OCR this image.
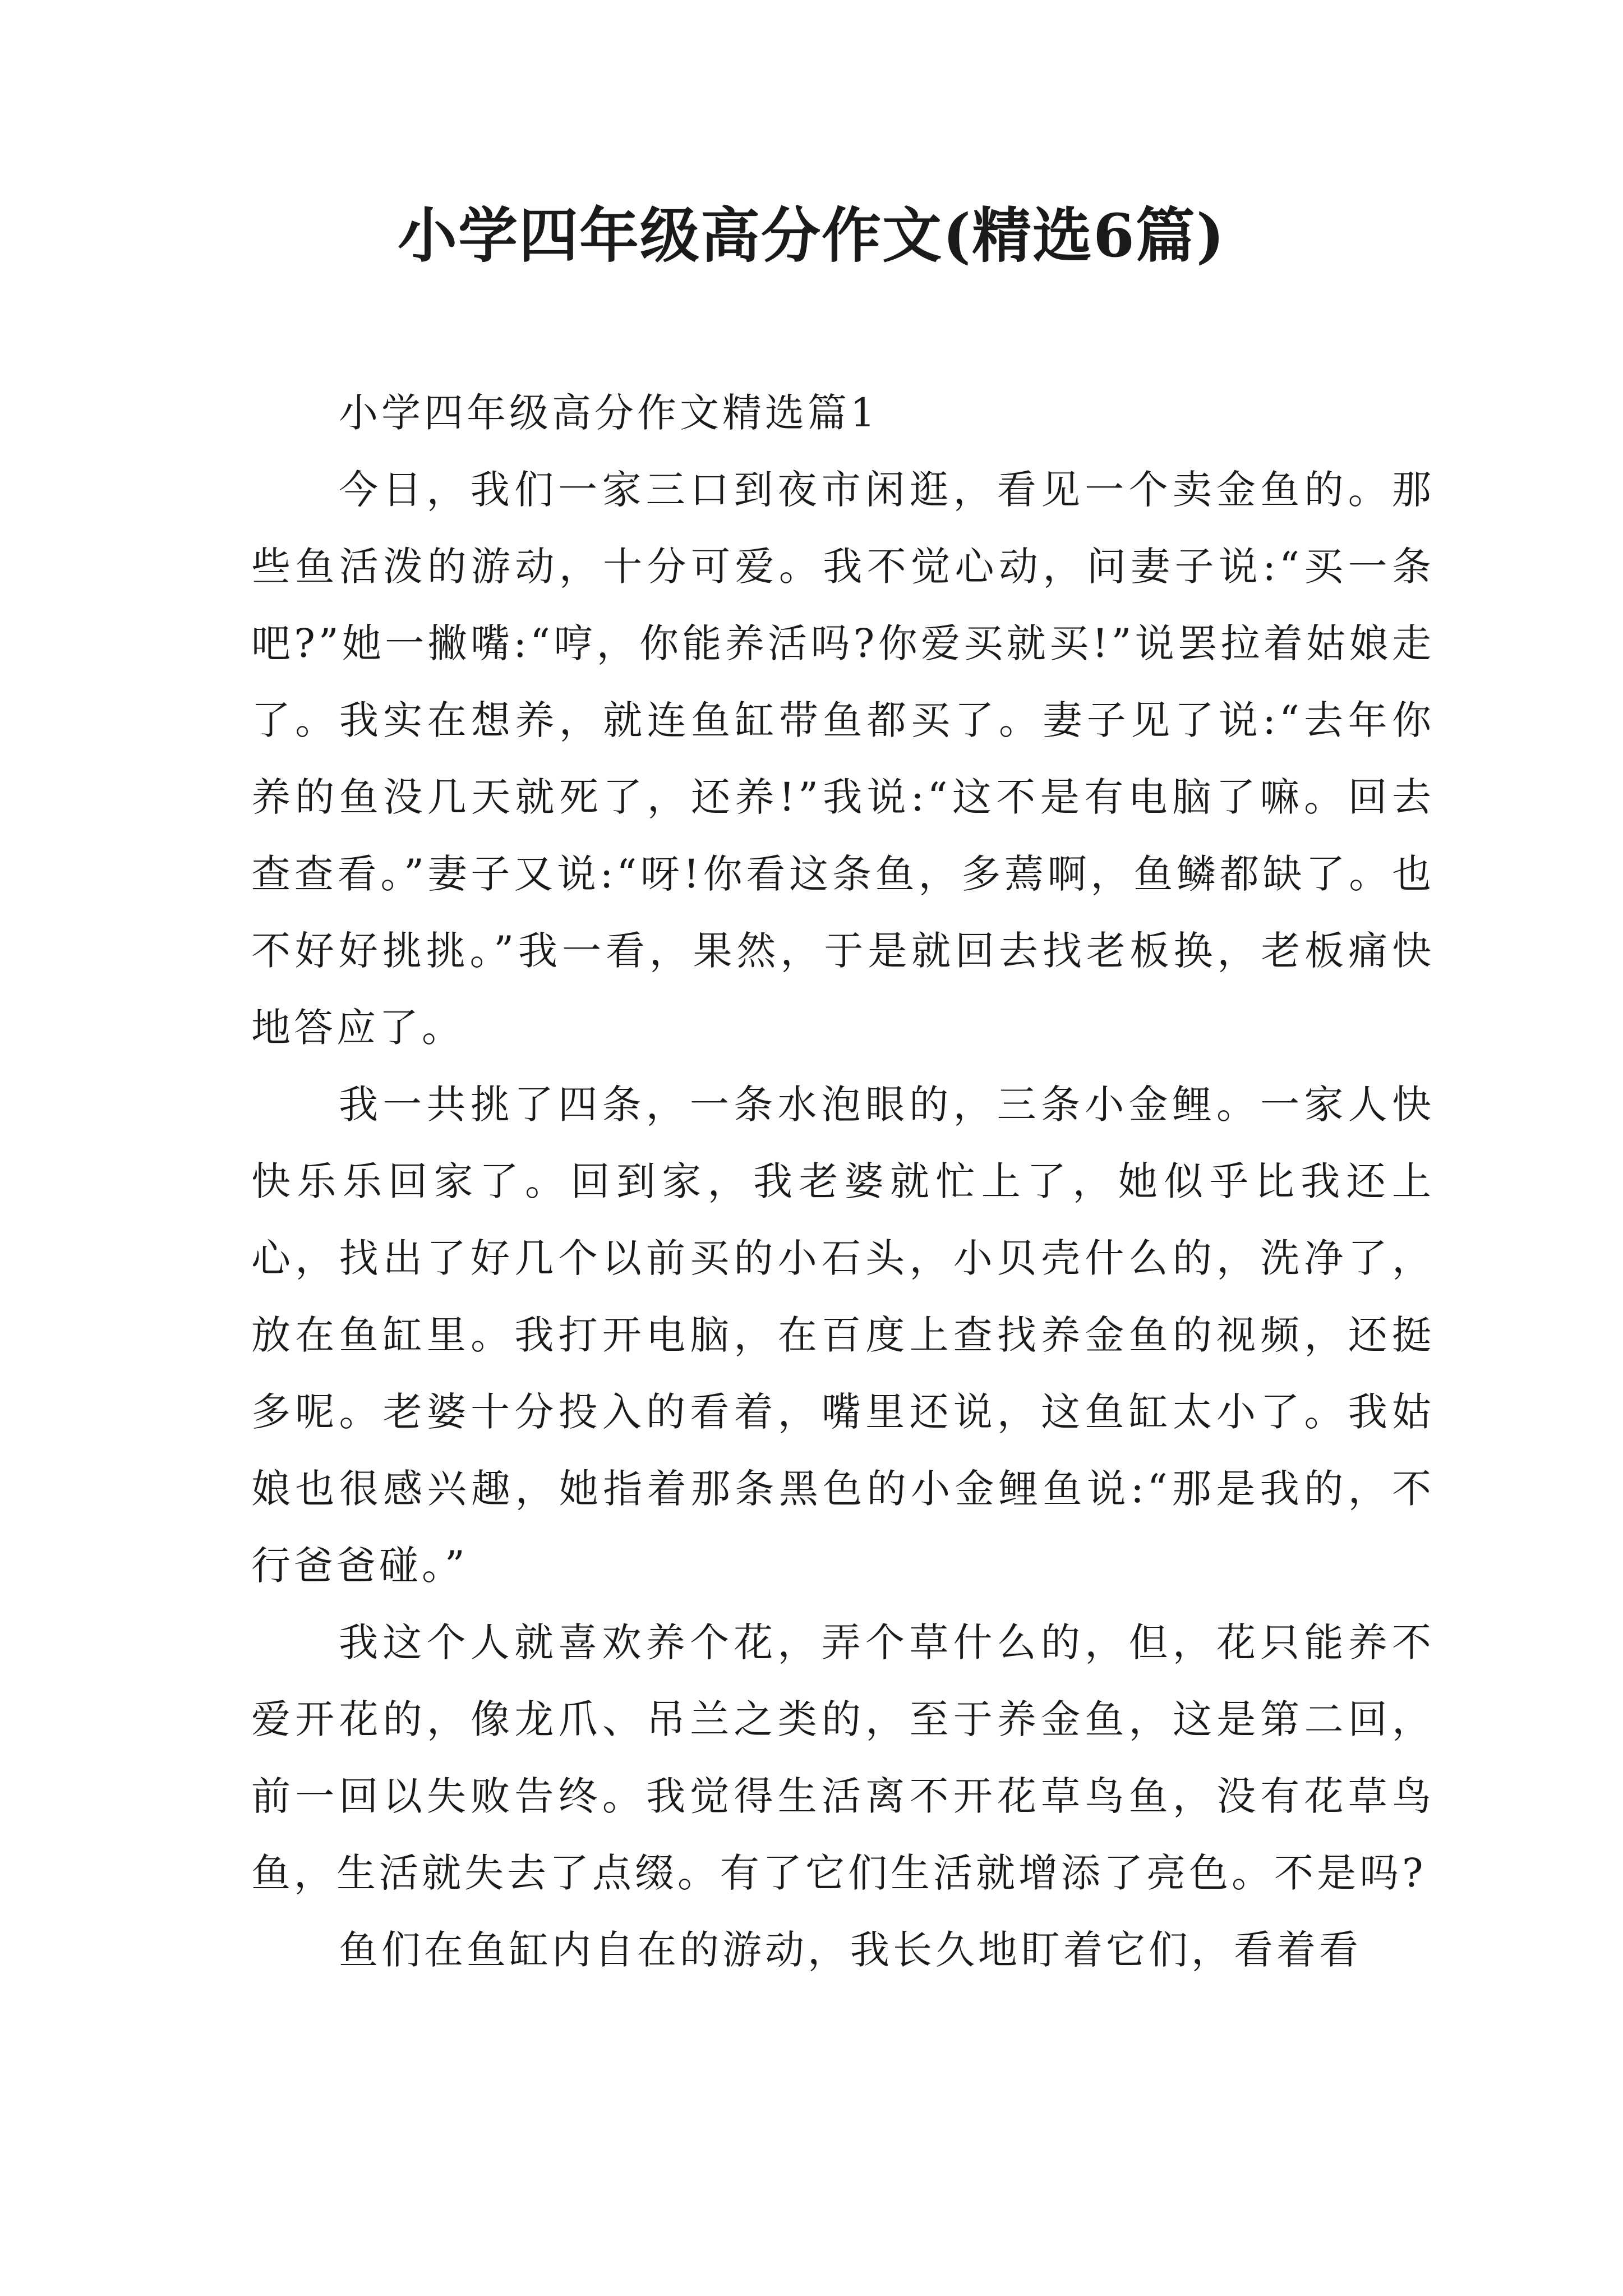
小学四年级高分作文(精选6篇)

小学四年级高分作文精选篇1

今日，我们一家三口到夜市闲逛，看见一个卖金鱼的。那些鱼活泼的游动，十分可爱。我不觉心动，问妻子说:“买一条吧?”她一撇嘴:“哼，你能养活吗?你爱买就买!”说罢拉着姑娘走了。我实在想养，就连鱼缸带鱼都买了。妻子见了说:“去年你养的鱼没几天就死了，还养!”我说:“这不是有电脑了嘛。回去查查看。”妻子又说:“呀!你看这条鱼，多蔫啊，鱼鳞都缺了。也不好好挑挑。”我一看，果然，于是就回去找老板换，老板痛快地答应了。

我一共挑了四条，一条水泡眼的，三条小金鲤。一家人快快乐乐回家了。回到家，我老婆就忙上了，她似乎比我还上心，找出了好几个以前买的小石头，小贝壳什么的，洗净了，放在鱼缸里。我打开电脑，在百度上查找养金鱼的视频，还挺多呢。老婆十分投入的看着，嘴里还说，这鱼缸太小了。我姑娘也很感兴趣，她指着那条黑色的小金鲤鱼说:“那是我的，不行爸爸碰。”

我这个人就喜欢养个花，弄个草什么的，但，花只能养不爱开花的，像龙爪、吊兰之类的，至于养金鱼，这是第二回，前一回以失败告终。我觉得生活离不开花草鸟鱼，没有花草鸟鱼，生活就失去了点缀。有了它们生活就增添了亮色。不是吗?

鱼们在鱼缸内自在的游动，我长久地盯着它们，看着看
